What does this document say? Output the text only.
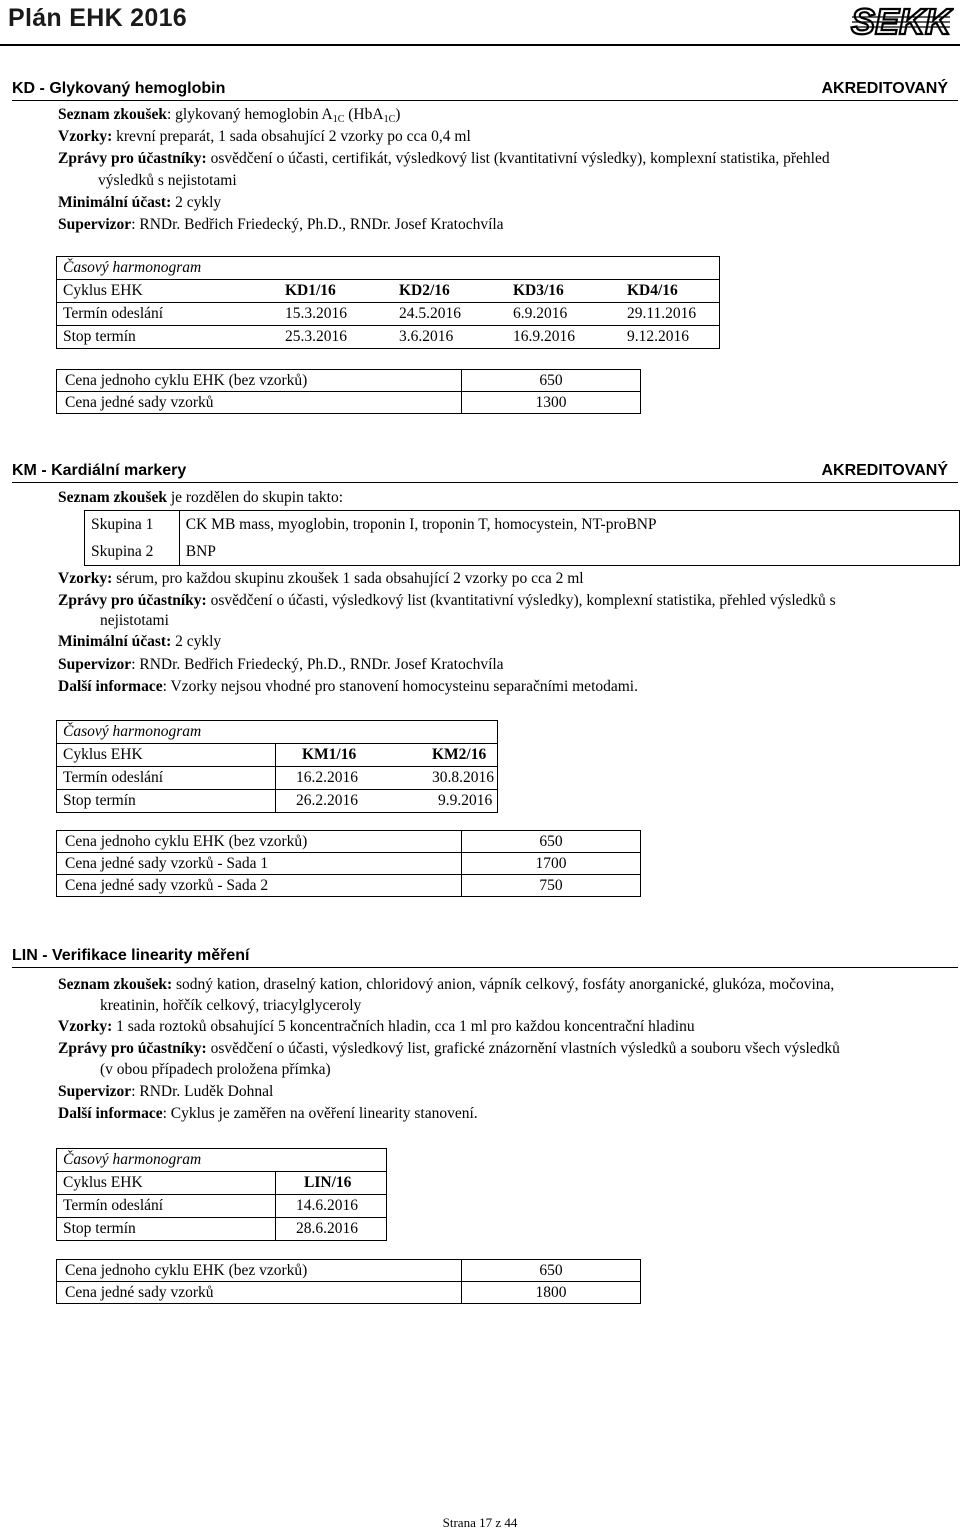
Plán EHK 2016	SEKK
KD - Glykovaný hemoglobin	AKREDITOVANÝ
Seznam zkoušek: glykovaný hemoglobin $A_{1C}$ (HbA$_{1C}$)
Vzorky: krevní preparát, 1 sada obsahující 2 vzorky po cca 0,4 ml
Zprávy pro účastníky: osvědčení o účasti, certifikát, výsledkový list (kvantitativní výsledky), komplexní statistika, přehled
výsledků s nejistotami
Minimální účast: 2 cykly
Supervizor: RNDr. Bedřich Friedecký, Ph.D., RNDr. Josef Kratochvíla
Časový harmonogram				
Cyklus EHK	KD1/16	KD2/16	KD3/16	KD4/16
Termín odeslání	15.3.2016	24.5.2016	6.9.2016	29.11.2016
Stop termín	25.3.2016	3.6.2016	16.9.2016	9.12.2016
Cena jednoho cyklu EHK (bez vzorků)	650
Cena jedné sady vzorků	1300
KM - Kardiální markery	AKREDITOVANÝ
Seznam zkoušek je rozdělen do skupin takto:
Skupina 1	CK MB mass, myoglobin, troponin I, troponin T, homocystein, NT-proBNP
Skupina 2	BNP
Vzorky: sérum, pro každou skupinu zkoušek 1 sada obsahující 2 vzorky po cca 2 ml
Zprávy pro účastníky: osvědčení o účasti, výsledkový list (kvantitativní výsledky), komplexní statistika, přehled výsledků s
nejistotami
Minimální účast: 2 cykly
Supervizor: RNDr. Bedřich Friedecký, Ph.D., RNDr. Josef Kratochvíla
Další informace: Vzorky nejsou vhodné pro stanovení homocysteinu separačními metodami.
Časový harmonogram		
Cyklus EHK	KM1/16	KM2/16
Termín odeslání	16.2.2016	30.8.2016
Stop termín	26.2.2016	9.9.2016
Cena jednoho cyklu EHK (bez vzorků)	650
Cena jedné sady vzorků - Sada 1	1700
Cena jedné sady vzorků - Sada 2	750
LIN - Verifikace linearity měření
Seznam zkoušek: sodný kation, draselný kation, chloridový anion, vápník celkový, fosfáty anorganické, glukóza, močovina,
kreatinin, hořčík celkový, triacylglyceroly
Vzorky: 1 sada roztoků obsahující 5 koncentračních hladin, cca 1 ml pro každou koncentrační hladinu
Zprávy pro účastníky: osvědčení o účasti, výsledkový list, grafické znázornění vlastních výsledků a souboru všech výsledků
(v obou případech proložena přímka)
Supervizor: RNDr. Luděk Dohnal
Další informace: Cyklus je zaměřen na ověření linearity stanovení.
Časový harmonogram	
Cyklus EHK	LIN/16
Termín odeslání	14.6.2016
Stop termín	28.6.2016
Cena jednoho cyklu EHK (bez vzorků)	650
Cena jedné sady vzorků	1800
Strana 17 z 44
